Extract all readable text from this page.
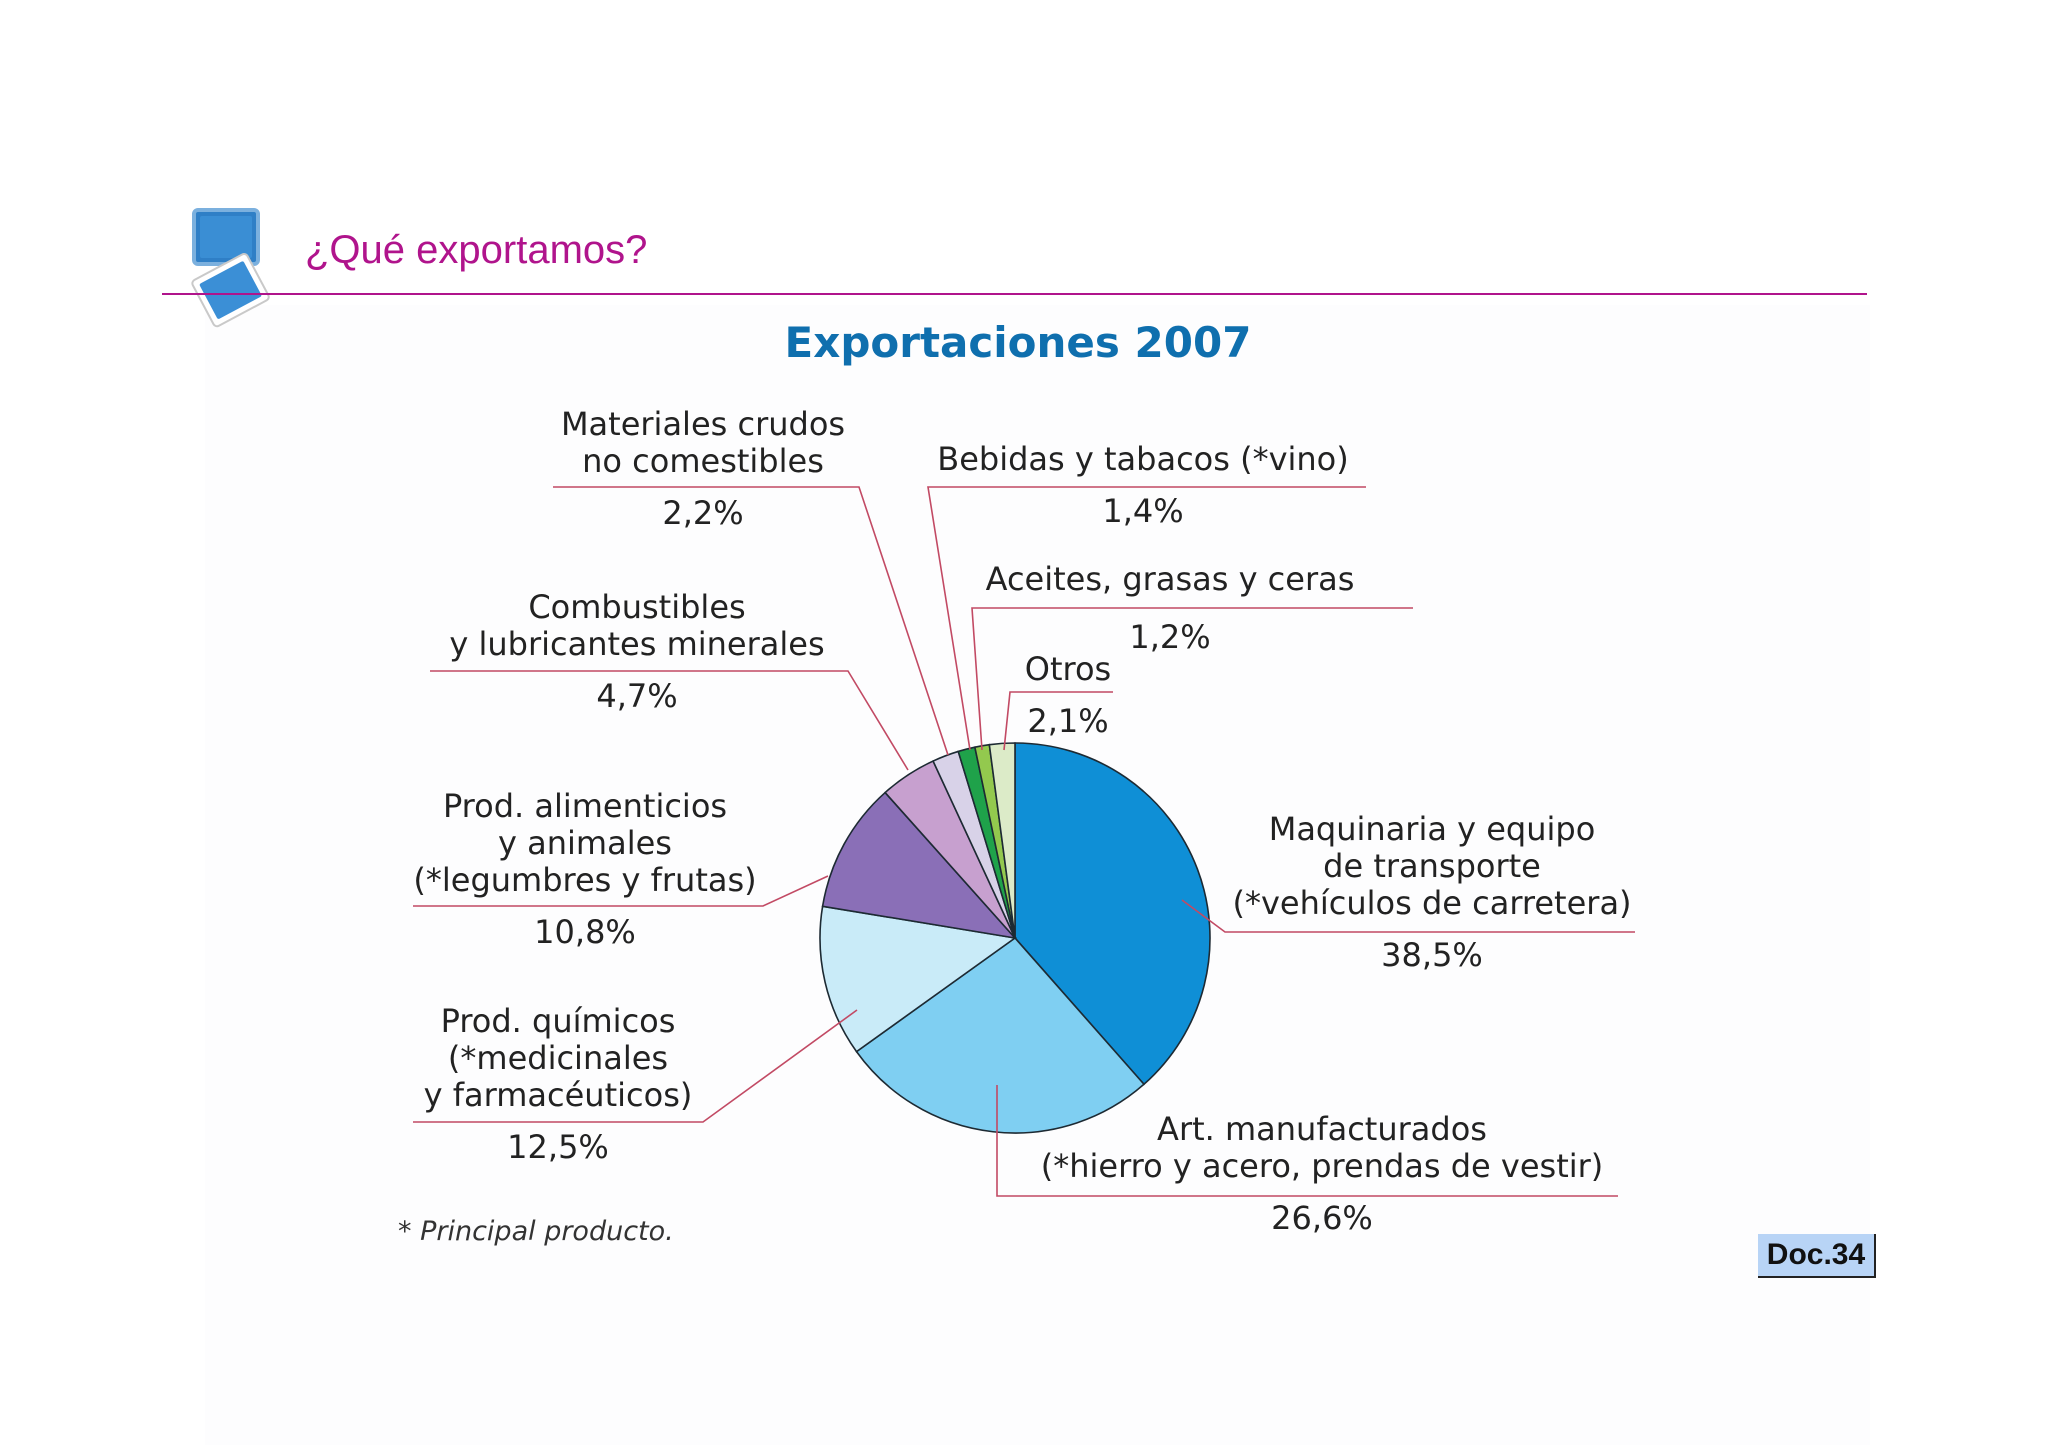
¿Qué exportamos?
Exportaciones 2007
Maquinaria y equipo
de transporte
(*vehículos de carretera)
38,5%
Art. manufacturados
(*hierro y acero, prendas de vestir)
26,6%
Prod. químicos
(*medicinales
y farmacéuticos)
12,5%
Prod. alimenticios
y animales
(*legumbres y frutas)
10,8%
Combustibles
y lubricantes minerales
4,7%
Materiales crudos
no comestibles
2,2%
Bebidas y tabacos (*vino)
1,4%
Aceites, grasas y ceras
1,2%
Otros
2,1%
* Principal producto.
Doc.34
